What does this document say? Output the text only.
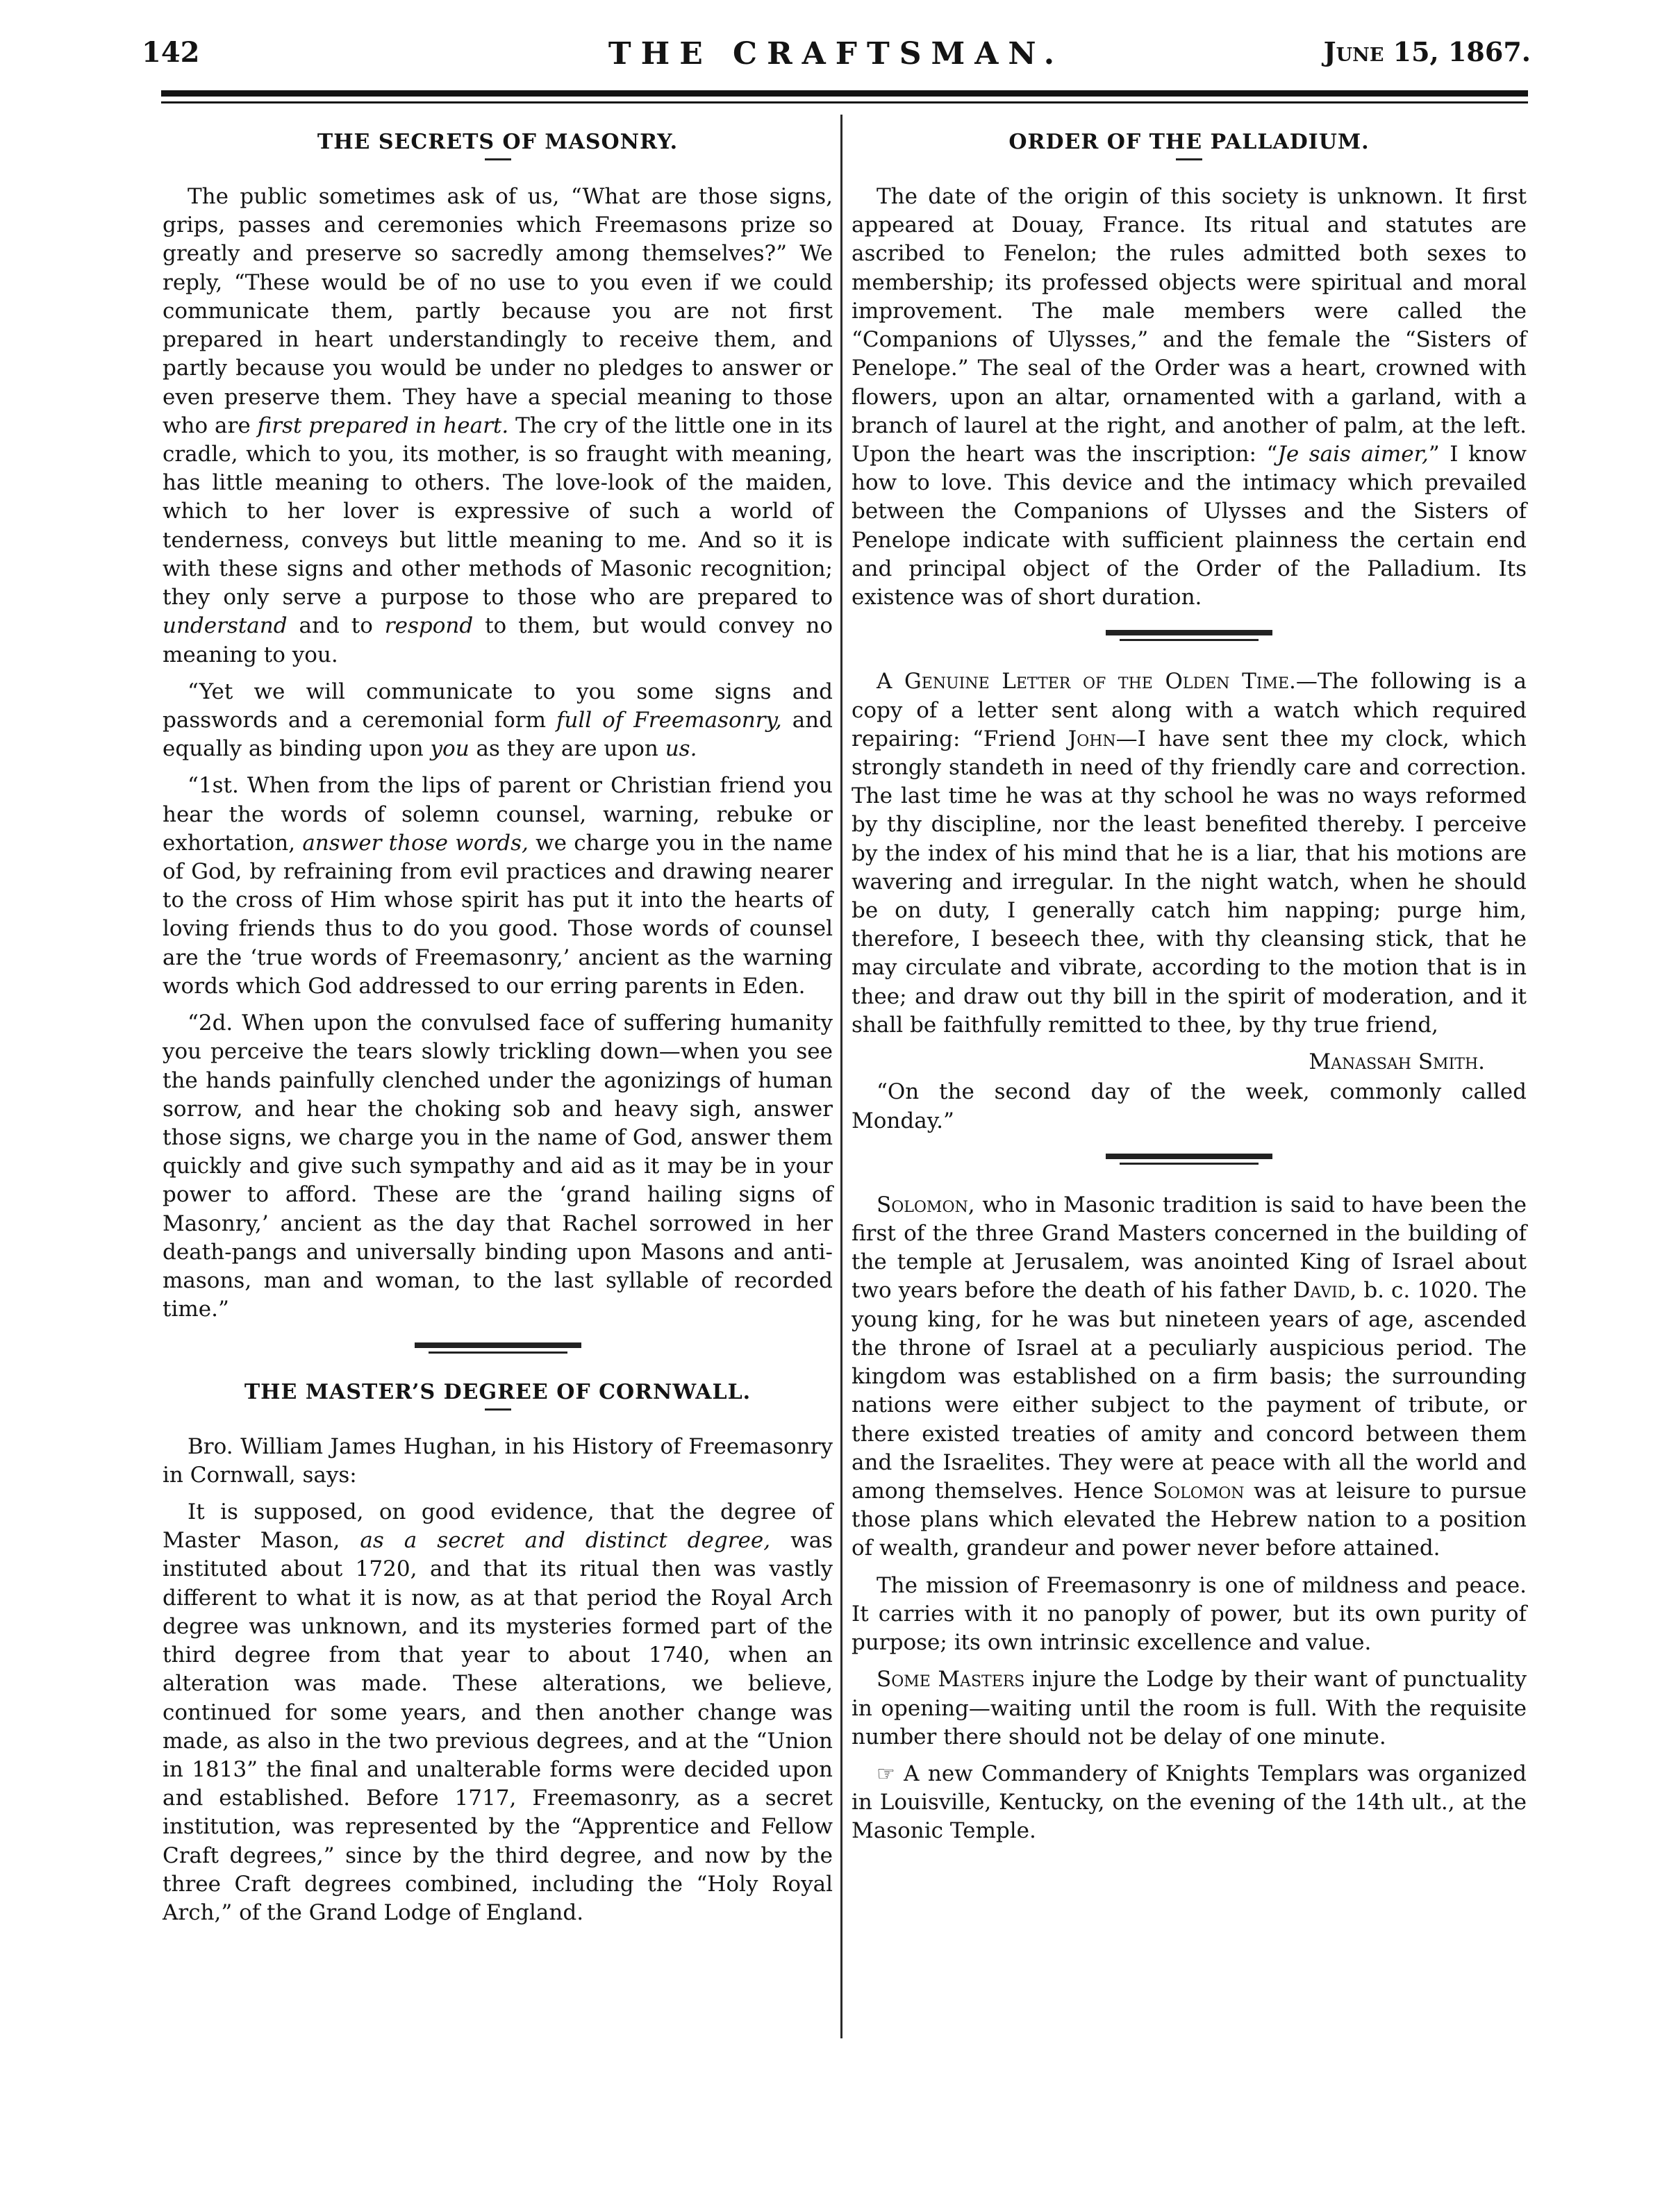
142	THE CRAFTSMAN.	June 15, 1867.
THE SECRETS OF MASONRY.

The public sometimes ask of us, “What are those signs, grips, passes and ceremonies which Freemasons prize so greatly and preserve so sacredly among themselves?” We reply, “These would be of no use to you even if we could communicate them, partly because you are not first prepared in heart understandingly to receive them, and partly because you would be under no pledges to answer or even preserve them. They have a special meaning to those who are first prepared in heart. The cry of the little one in its cradle, which to you, its mother, is so fraught with meaning, has little meaning to others. The love-look of the maiden, which to her lover is expressive of such a world of tenderness, conveys but little meaning to me. And so it is with these signs and other methods of Masonic recognition; they only serve a purpose to those who are prepared to understand and to respond to them, but would convey no meaning to you.

“Yet we will communicate to you some signs and passwords and a ceremonial form full of Freemasonry, and equally as binding upon you as they are upon us.

“1st. When from the lips of parent or Christian friend you hear the words of solemn counsel, warning, rebuke or exhortation, answer those words, we charge you in the name of God, by refraining from evil practices and drawing nearer to the cross of Him whose spirit has put it into the hearts of loving friends thus to do you good. Those words of counsel are the ‘true words of Freemasonry,’ ancient as the warning words which God addressed to our erring parents in Eden.

“2d. When upon the convulsed face of suffering humanity you perceive the tears slowly trickling down—when you see the hands painfully clenched under the agonizings of human sorrow, and hear the choking sob and heavy sigh, answer those signs, we charge you in the name of God, answer them quickly and give such sympathy and aid as it may be in your power to afford. These are the ‘grand hailing signs of Masonry,’ ancient as the day that Rachel sorrowed in her death-pangs and universally binding upon Masons and anti-masons, man and woman, to the last syllable of recorded time.”

THE MASTER’S DEGREE OF CORNWALL.

Bro. William James Hughan, in his History of Freemasonry in Cornwall, says:

It is supposed, on good evidence, that the degree of Master Mason, as a secret and distinct degree, was instituted about 1720, and that its ritual then was vastly different to what it is now, as at that period the Royal Arch degree was unknown, and its mysteries formed part of the third degree from that year to about 1740, when an alteration was made. These alterations, we believe, continued for some years, and then another change was made, as also in the two previous degrees, and at the “Union in 1813” the final and unalterable forms were decided upon and established. Before 1717, Freemasonry, as a secret institution, was represented by the “Apprentice and Fellow Craft degrees,” since by the third degree, and now by the three Craft degrees combined, including the “Holy Royal Arch,” of the Grand Lodge of England.

ORDER OF THE PALLADIUM.

The date of the origin of this society is unknown. It first appeared at Douay, France. Its ritual and statutes are ascribed to Fenelon; the rules admitted both sexes to membership; its professed objects were spiritual and moral improvement. The male members were called the “Companions of Ulysses,” and the female the “Sisters of Penelope.” The seal of the Order was a heart, crowned with flowers, upon an altar, ornamented with a garland, with a branch of laurel at the right, and another of palm, at the left. Upon the heart was the inscription: “Je sais aimer,” I know how to love. This device and the intimacy which prevailed between the Companions of Ulysses and the Sisters of Penelope indicate with sufficient plainness the certain end and principal object of the Order of the Palladium. Its existence was of short duration.

A Genuine Letter of the Olden Time.—The following is a copy of a letter sent along with a watch which required repairing: “Friend John—I have sent thee my clock, which strongly standeth in need of thy friendly care and correction. The last time he was at thy school he was no ways reformed by thy discipline, nor the least benefited thereby. I perceive by the index of his mind that he is a liar, that his motions are wavering and irregular. In the night watch, when he should be on duty, I generally catch him napping; purge him, therefore, I beseech thee, with thy cleansing stick, that he may circulate and vibrate, according to the motion that is in thee; and draw out thy bill in the spirit of moderation, and it shall be faithfully remitted to thee, by thy true friend,

Manassah Smith.

“On the second day of the week, commonly called Monday.”

Solomon, who in Masonic tradition is said to have been the first of the three Grand Masters concerned in the building of the temple at Jerusalem, was anointed King of Israel about two years before the death of his father David, b. c. 1020. The young king, for he was but nineteen years of age, ascended the throne of Israel at a peculiarly auspicious period. The kingdom was established on a firm basis; the surrounding nations were either subject to the payment of tribute, or there existed treaties of amity and concord between them and the Israelites. They were at peace with all the world and among themselves. Hence Solomon was at leisure to pursue those plans which elevated the Hebrew nation to a position of wealth, grandeur and power never before attained.

The mission of Freemasonry is one of mildness and peace. It carries with it no panoply of power, but its own purity of purpose; its own intrinsic excellence and value.

Some Masters injure the Lodge by their want of punctuality in opening—waiting until the room is full. With the requisite number there should not be delay of one minute.

☞ A new Commandery of Knights Templars was organized in Louisville, Kentucky, on the evening of the 14th ult., at the Masonic Temple.
